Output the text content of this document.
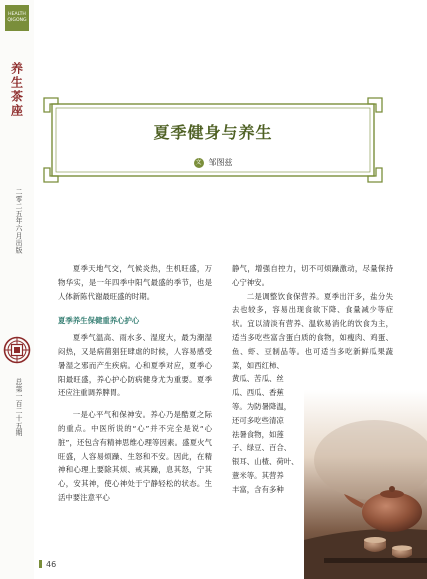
HEALTH
QIGONG
养生茶座
二零二五年六月出版
总第一百二十五期
夏季健身与养生
文 邹图兹

夏季天地气交，气候炎热，生机旺盛，万物华实，是一年四季中阳气最盛的季节，也是人体新陈代谢最旺盛的时期。

夏季养生保健重养心护心

夏季气温高、雨水多、湿度大，最为潮湿闷热，又是病菌猖狂肆虐的时候，人容易感受暑湿之邪而产生疾病。心和夏季对应，夏季心阳最旺盛，养心护心防病健身尤为重要。夏季还应注重调养脾胃。

一是心平气和保神安。养心乃是酷夏之际的重点。中医所说的“心”并不完全是说“心脏”，还包含有精神思维心理等因素。盛夏火气旺盛，人容易烦躁、生怒和不安。因此，在精神和心理上要除其烦、戒其躁，息其怒，宁其心，安其神，使心神处于宁静轻松的状态。生活中要注意平心

静气，增强自控力，切不可烦躁激动，尽量保持心宁神安。

二是调整饮食保营养。夏季出汗多，盐分失去也较多，容易出现食欲下降、食量减少等症状。宜以清淡有营养、温软易消化的饮食为主，适当多吃些富含蛋白质的食物，如瘦肉、鸡蛋、鱼、虾、豆制品等。也可适当多吃新鲜瓜果蔬菜，如西红柿、

黄瓜、苦瓜、丝

瓜、西瓜、香蕉

等。为防暑降温，

还可多吃些清凉

祛暑食物，如莲

子、绿豆、百合、

银耳、山楂、荷叶、

薏米等。其营养

丰富，含有多种

46
